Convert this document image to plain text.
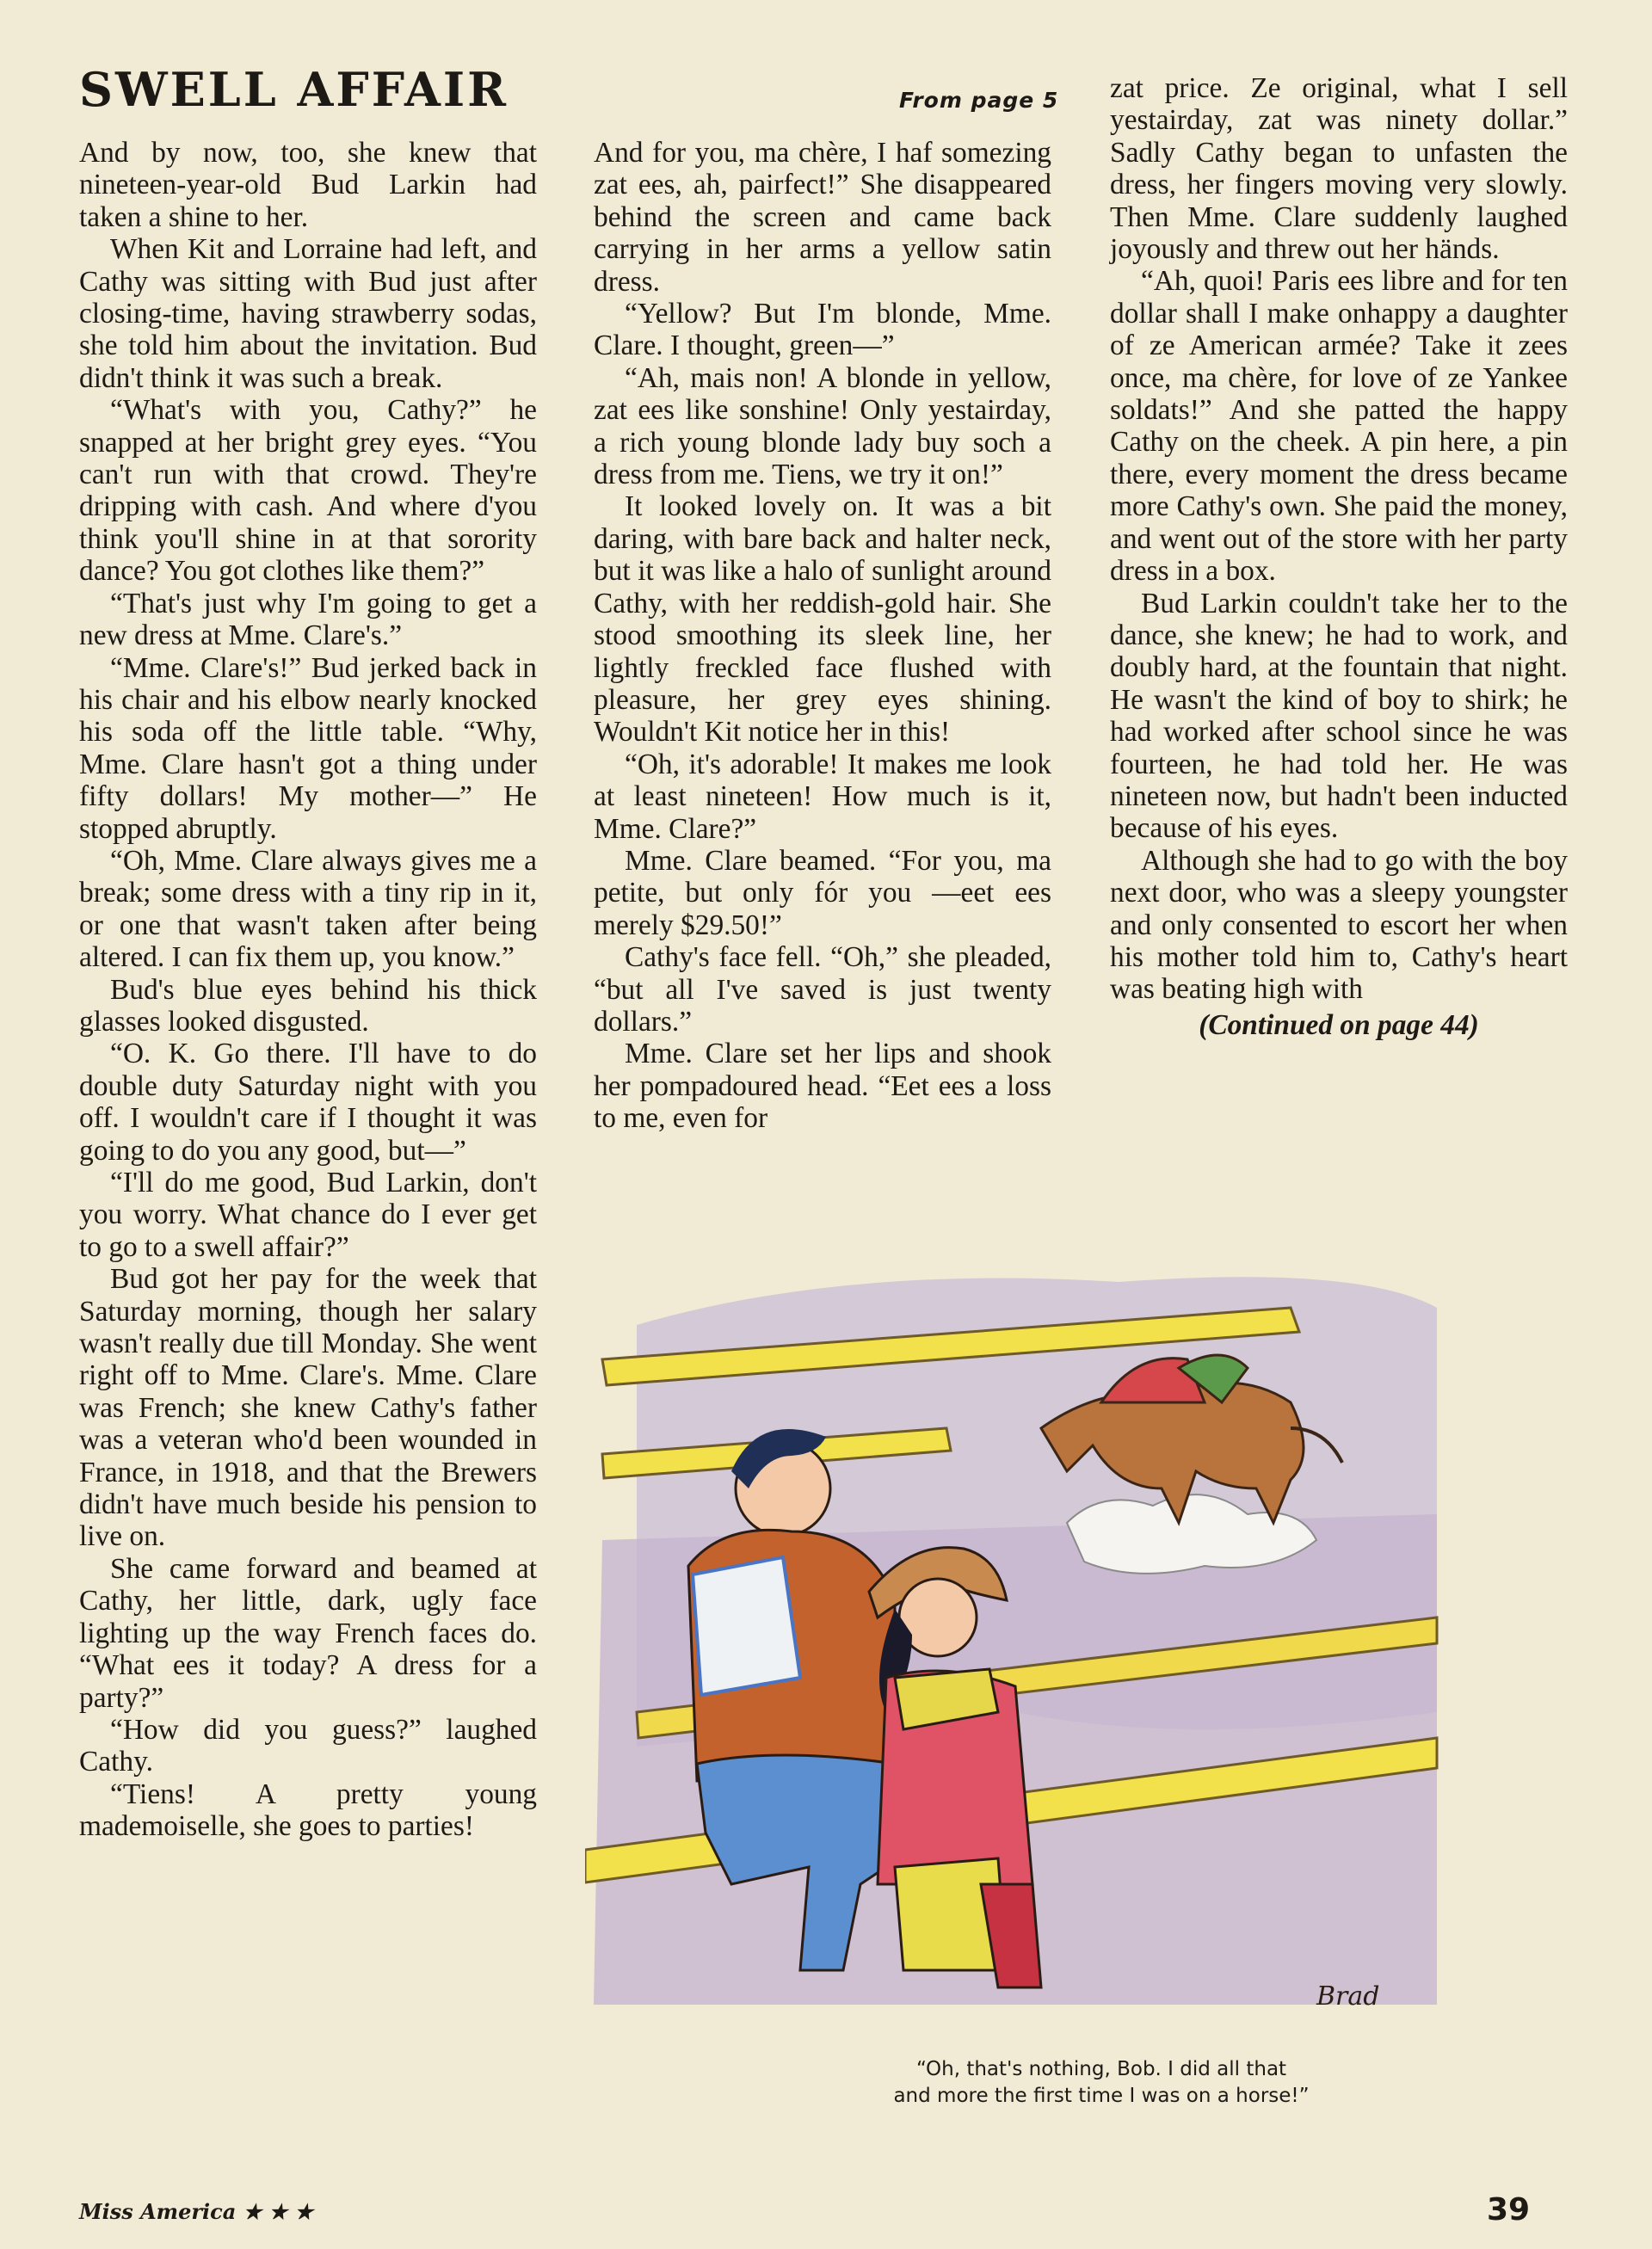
SWELL AFFAIR	From page 5

And by now, too, she knew that nineteen-year-old Bud Larkin had taken a shine to her.

When Kit and Lorraine had left, and Cathy was sitting with Bud just after closing-time, having strawberry sodas, she told him about the invitation. Bud didn't think it was such a break.

“What's with you, Cathy?” he snapped at her bright grey eyes. “You can't run with that crowd. They're dripping with cash. And where d'you think you'll shine in at that sorority dance? You got clothes like them?”

“That's just why I'm going to get a new dress at Mme. Clare's.”

“Mme. Clare's!” Bud jerked back in his chair and his elbow nearly knocked his soda off the little table. “Why, Mme. Clare hasn't got a thing under fifty dollars! My mother—” He stopped abruptly.

“Oh, Mme. Clare always gives me a break; some dress with a tiny rip in it, or one that wasn't taken after being altered. I can fix them up, you know.”

Bud's blue eyes behind his thick glasses looked disgusted.

“O. K. Go there. I'll have to do double duty Saturday night with you off. I wouldn't care if I thought it was going to do you any good, but—”

“I'll do me good, Bud Larkin, don't you worry. What chance do I ever get to go to a swell affair?”

Bud got her pay for the week that Saturday morning, though her salary wasn't really due till Monday. She went right off to Mme. Clare's. Mme. Clare was French; she knew Cathy's father was a veteran who'd been wounded in France, in 1918, and that the Brewers didn't have much beside his pension to live on.

She came forward and beamed at Cathy, her little, dark, ugly face lighting up the way French faces do. “What ees it today? A dress for a party?”

“How did you guess?” laughed Cathy.

“Tiens! A pretty young mademoiselle, she goes to parties!

And for you, ma chère, I haf somezing zat ees, ah, pairfect!” She disappeared behind the screen and came back carrying in her arms a yellow satin dress.

“Yellow? But I'm blonde, Mme. Clare. I thought, green—”

“Ah, mais non! A blonde in yellow, zat ees like sonshine! Only yestairday, a rich young blonde lady buy soch a dress from me. Tiens, we try it on!”

It looked lovely on. It was a bit daring, with bare back and halter neck, but it was like a halo of sunlight around Cathy, with her reddish-gold hair. She stood smoothing its sleek line, her lightly freckled face flushed with pleasure, her grey eyes shining. Wouldn't Kit notice her in this!

“Oh, it's adorable! It makes me look at least nineteen! How much is it, Mme. Clare?”

Mme. Clare beamed. “For you, ma petite, but only fór you —eet ees merely $29.50!”

Cathy's face fell. “Oh,” she pleaded, “but all I've saved is just twenty dollars.”

Mme. Clare set her lips and shook her pompadoured head. “Eet ees a loss to me, even for

zat price. Ze original, what I sell yestairday, zat was ninety dollar.” Sadly Cathy began to unfasten the dress, her fingers moving very slowly. Then Mme. Clare suddenly laughed joyously and threw out her händs.

“Ah, quoi! Paris ees libre and for ten dollar shall I make onhappy a daughter of ze American armée? Take it zees once, ma chère, for love of ze Yankee soldats!” And she patted the happy Cathy on the cheek. A pin here, a pin there, every moment the dress became more Cathy's own. She paid the money, and went out of the store with her party dress in a box.

Bud Larkin couldn't take her to the dance, she knew; he had to work, and doubly hard, at the fountain that night. He wasn't the kind of boy to shirk; he had worked after school since he was fourteen, he had told her. He was nineteen now, but hadn't been inducted because of his eyes.

Although she had to go with the boy next door, who was a sleepy youngster and only consented to escort her when his mother told him to, Cathy's heart was beating high with

(Continued on page 44)
Brad
“Oh, that's nothing, Bob. I did all that
and more the first time I was on a horse!”
Miss America ★ ★ ★	39
